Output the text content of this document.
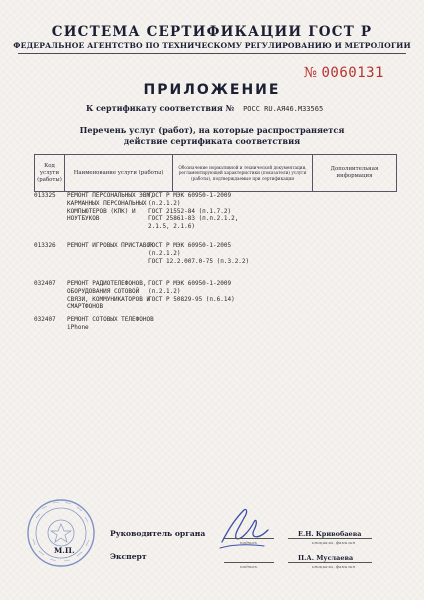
СИСТЕМА СЕРТИФИКАЦИИ ГОСТ Р
ФЕДЕРАЛЬНОЕ АГЕНТСТВО ПО ТЕХНИЧЕСКОМУ РЕГУЛИРОВАНИЮ И МЕТРОЛОГИИ
№ 0060131
ПРИЛОЖЕНИЕ
К сертификату соответствия № РОСС RU.АЯ46.М33565
Перечень услуг (работ), на которые распространяется
действие сертификата соответствия
Код услуги (работы)	Наименование услуги (работы)	Обозначение нормативной и технической документации, регламентирующей характеристики (показатели) услуги (работы), подтверждаемые при сертификации	Дополнительная информация
013325	РЕМОНТ ПЕРСОНАЛЬНЫХ ЭВМ,
КАРМАННЫХ ПЕРСОНАЛЬНЫХ
КОМПЬЮТЕРОВ (КПК) И
НОУТБУКОВ
ГОСТ Р МЭК 60950-1-2009
(п.2.1.2)
ГОСТ 21552-84 (п.1.7.2)
ГОСТ 25861-83 (п.п.2.1.2,
2.1.5, 2.1.6)
013326	РЕМОНТ ИГРОВЫХ ПРИСТАВОК
ГОСТ Р МЭК 60950-1-2005
(п.2.1.2)
ГОСТ 12.2.007.0-75 (п.3.2.2)
032407	РЕМОНТ РАДИОТЕЛЕФОНОВ,
ОБОРУДОВАНИЯ СОТОВОЙ
СВЯЗИ, КОММУНИКАТОРОВ И
СМАРТФОНОВ
ГОСТ Р МЭК 60950-1-2009
(п.2.1.2)
ГОСТ Р 50829-95 (п.6.14)
032407	РЕМОНТ СОТОВЫХ ТЕЛЕФОНОВ
iPhone
М.П.
Руководитель органа
подпись
Е.Н. Кривобаева
инициалы, фамилия
Эксперт
подпись
П.А. Муслаева
инициалы, фамилия
